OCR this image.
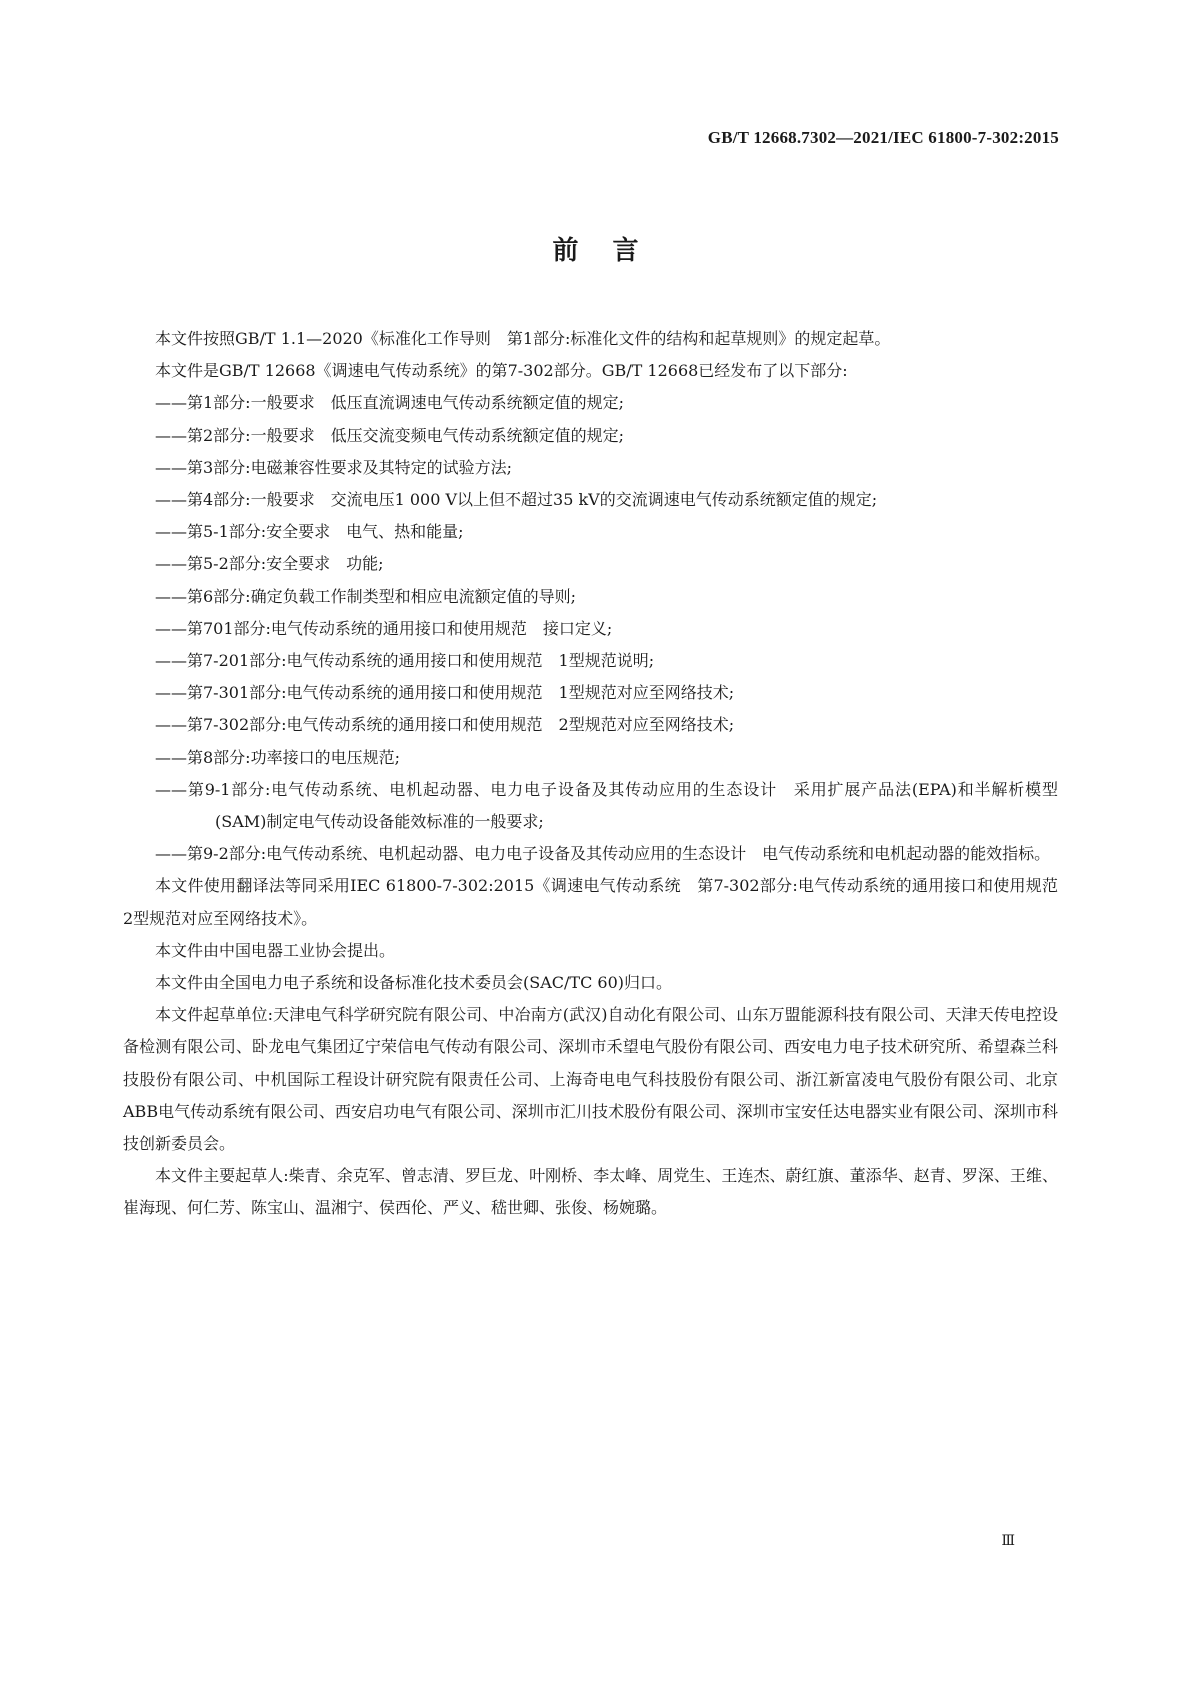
GB/T 12668.7302—2021/IEC 61800-7-302:2015
前言

本文件按照GB/T 1.1—2020《标准化工作导则　第1部分:标准化文件的结构和起草规则》的规定起草。

本文件是GB/T 12668《调速电气传动系统》的第7-302部分。GB/T 12668已经发布了以下部分:

——第1部分:一般要求　低压直流调速电气传动系统额定值的规定;

——第2部分:一般要求　低压交流变频电气传动系统额定值的规定;

——第3部分:电磁兼容性要求及其特定的试验方法;

——第4部分:一般要求　交流电压1 000 V以上但不超过35 kV的交流调速电气传动系统额定值的规定;

——第5-1部分:安全要求　电气、热和能量;

——第5-2部分:安全要求　功能;

——第6部分:确定负载工作制类型和相应电流额定值的导则;

——第701部分:电气传动系统的通用接口和使用规范　接口定义;

——第7-201部分:电气传动系统的通用接口和使用规范　1型规范说明;

——第7-301部分:电气传动系统的通用接口和使用规范　1型规范对应至网络技术;

——第7-302部分:电气传动系统的通用接口和使用规范　2型规范对应至网络技术;

——第8部分:功率接口的电压规范;

——第9-1部分:电气传动系统、电机起动器、电力电子设备及其传动应用的生态设计　采用扩展产品法(EPA)和半解析模型(SAM)制定电气传动设备能效标准的一般要求;

——第9-2部分:电气传动系统、电机起动器、电力电子设备及其传动应用的生态设计　电气传动系统和电机起动器的能效指标。

本文件使用翻译法等同采用IEC 61800-7-302:2015《调速电气传动系统　第7-302部分:电气传动系统的通用接口和使用规范　2型规范对应至网络技术》。

本文件由中国电器工业协会提出。

本文件由全国电力电子系统和设备标准化技术委员会(SAC/TC 60)归口。

本文件起草单位:天津电气科学研究院有限公司、中冶南方(武汉)自动化有限公司、山东万盟能源科技有限公司、天津天传电控设备检测有限公司、卧龙电气集团辽宁荣信电气传动有限公司、深圳市禾望电气股份有限公司、西安电力电子技术研究所、希望森兰科技股份有限公司、中机国际工程设计研究院有限责任公司、上海奇电电气科技股份有限公司、浙江新富凌电气股份有限公司、北京ABB电气传动系统有限公司、西安启功电气有限公司、深圳市汇川技术股份有限公司、深圳市宝安任达电器实业有限公司、深圳市科技创新委员会。

本文件主要起草人:柴青、余克军、曾志清、罗巨龙、叶刚桥、李太峰、周党生、王连杰、蔚红旗、董添华、赵青、罗深、王维、崔海现、何仁芳、陈宝山、温湘宁、侯西伦、严义、嵇世卿、张俊、杨婉璐。

Ⅲ
